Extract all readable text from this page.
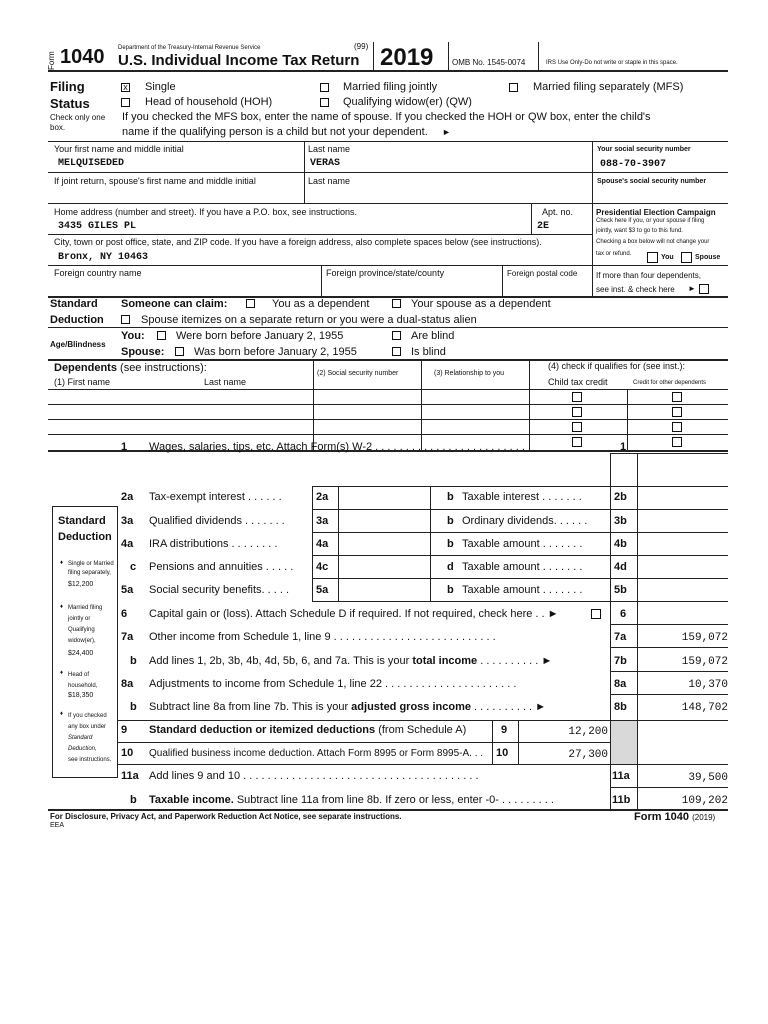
Form 1040 Department of the Treasury-Internal Revenue Service	(99)
U.S. Individual Income Tax Return 2019 OMB No. 1545-0074	IRS Use Only-Do not write or staple in this space.
Filing
Status
Check only one box.
x Single	Married filing jointly	Married filing separately (MFS)
Head of household (HOH)	Qualifying widow(er) (QW)
If you checked the MFS box, enter the name of spouse. If you checked the HOH or QW box, enter the child's
name if the qualifying person is a child but not your dependent. ►
Your first name and middle initial
MELQUISEDED
Last name
VERAS
Your social security number
088-70-3907
If joint return, spouse's first name and middle initial	Last name	Spouse's social security number
Home address (number and street). If you have a P.O. box, see instructions.
3435 GILES PL
Apt. no.
2E
City, town or post office, state, and ZIP code. If you have a foreign address, also complete spaces below (see instructions).
Bronx, NY 10463
Foreign country name	Foreign province/state/county	Foreign postal code
Presidential Election Campaign
Check here if you, or your spouse if filing
jointly, want $3 to go to this fund.
Checking a box below will not change your
tax or refund.	You	Spouse
If more than four dependents,
see inst. & check here ►
Standard
Deduction
Someone can claim:	You as a dependent	Your spouse as a dependent
Spouse itemizes on a separate return or you were a dual-status alien
Age/Blindness
You:	Were born before January 2, 1955	Are blind
Spouse:	Was born before January 2, 1955	Is blind
Dependents (see instructions):
(1) First name	Last name
(2) Social security number	(3) Relationship to you
(4) check if qualifies for (see inst.):
Child tax credit	Credit for other dependents
Standard
Deduction
♦ Single or Married
filing separately,
$12,200
♦ Married filing
jointly or
Qualifying
widow(er),
$24,400
♦ Head of
household,
$18,350
♦ If you checked
any box under
Standard
Deduction,
see instructions.
1 Wages, salaries, tips, etc. Attach Form(s) W-2 . . . . . . . . . . . . . . . . . . . . . . . . .	1
2a Tax-exempt interest . . . . . .	2a	b Taxable interest . . . . . . .	2b
3a Qualified dividends . . . . . . .	3a	b Ordinary dividends. . . . . . 3b
4a IRA distributions . . . . . . . .	4a	b Taxable amount . . . . . . .	4b
c Pensions and annuities . . . . . 4c	d Taxable amount . . . . . . .	4d
5a Social security benefits. . . . . 5a	b Taxable amount . . . . . . .	5b
6 Capital gain or (loss). Attach Schedule D if required. If not required, check here . . ►	6
7a Other income from Schedule 1, line 9 . . . . . . . . . . . . . . . . . . . . . . . . . . .	7a	159,072
b Add lines 1, 2b, 3b, 4b, 4d, 5b, 6, and 7a. This is your total income . . . . . . . . . . ►	7b	159,072
8a Adjustments to income from Schedule 1, line 22 . . . . . . . . . . . . . . . . . . . . . .	8a	10,370
b Subtract line 8a from line 7b. This is your adjusted gross income . . . . . . . . . . ►	8b	148,702
9 Standard deduction or itemized deductions (from Schedule A)	9	12,200
10 Qualified business income deduction. Attach Form 8995 or Form 8995-A. . . 10	27,300
11a Add lines 9 and 10 . . . . . . . . . . . . . . . . . . . . . . . . . . . . . . . . . . . . . . .	11a	39,500
b Taxable income. Subtract line 11a from line 8b. If zero or less, enter -0- . . . . . . . . .	11b	109,202
For Disclosure, Privacy Act, and Paperwork Reduction Act Notice, see separate instructions.
EEA
Form 1040 (2019)
